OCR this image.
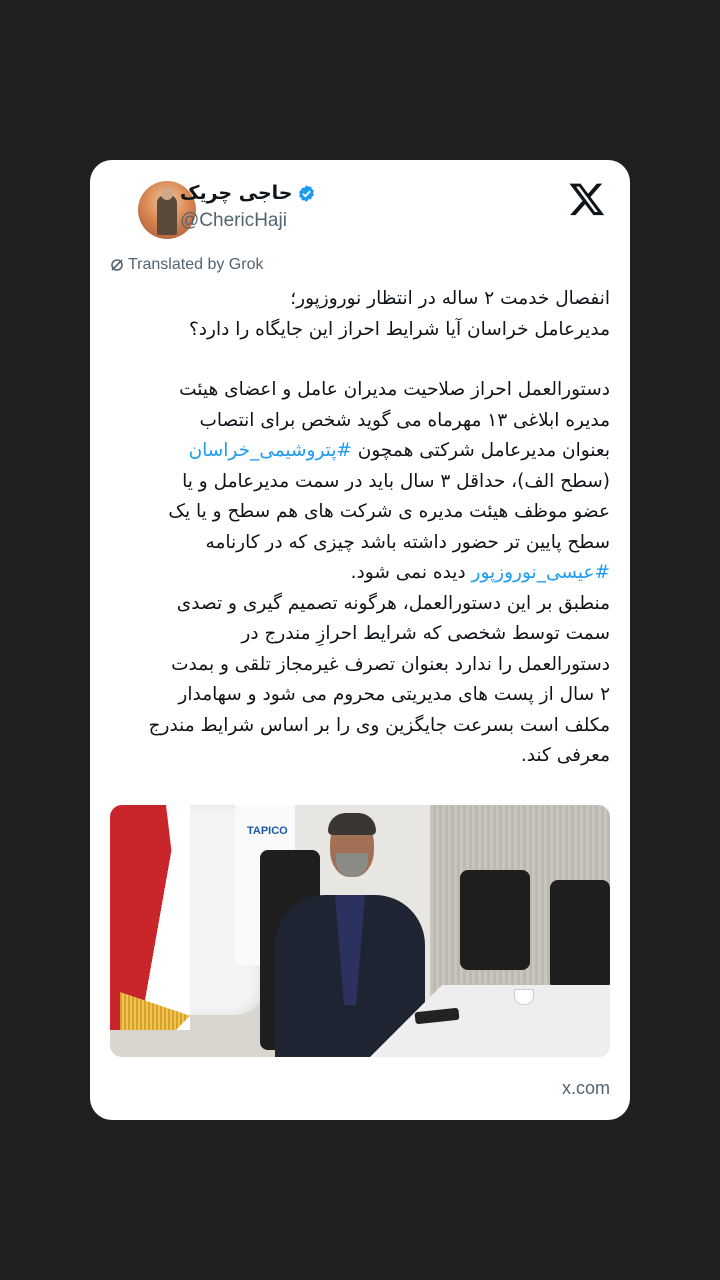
حاجی چریک
@ChericHaji
Translated by Grok
انفصال خدمت ۲ ساله در انتظار نوروزپور؛
مدیرعامل خراسان آیا شرایط احراز این جایگاه را دارد؟
دستورالعمل احراز صلاحیت مدیران عامل و اعضای هیئت
مدیره ابلاغی ۱۳ مهرماه می گوید شخص برای انتصاب
بعنوان مدیرعامل شرکتی همچون #پتروشیمی_خراسان
(سطح الف)، حداقل ۳ سال باید در سمت مدیرعامل و یا
عضو موظف هیئت مدیره ی شرکت های هم سطح و یا یک
سطح پایین تر حضور داشته باشد چیزی که در کارنامه
#عیسی_نوروزپور دیده نمی شود.
منطبق بر این دستورالعمل، هرگونه تصمیم گیری و تصدی
سمت توسط شخصی که شرایط احرازِ مندرج در
دستورالعمل را ندارد بعنوان تصرف غیرمجاز تلقی و بمدت
۲ سال از پست های مدیریتی محروم می شود و سهامدار
مکلف است بسرعت جایگزین وی را بر اساس شرایط مندرج
معرفی کند.
TAPICO
x.com
